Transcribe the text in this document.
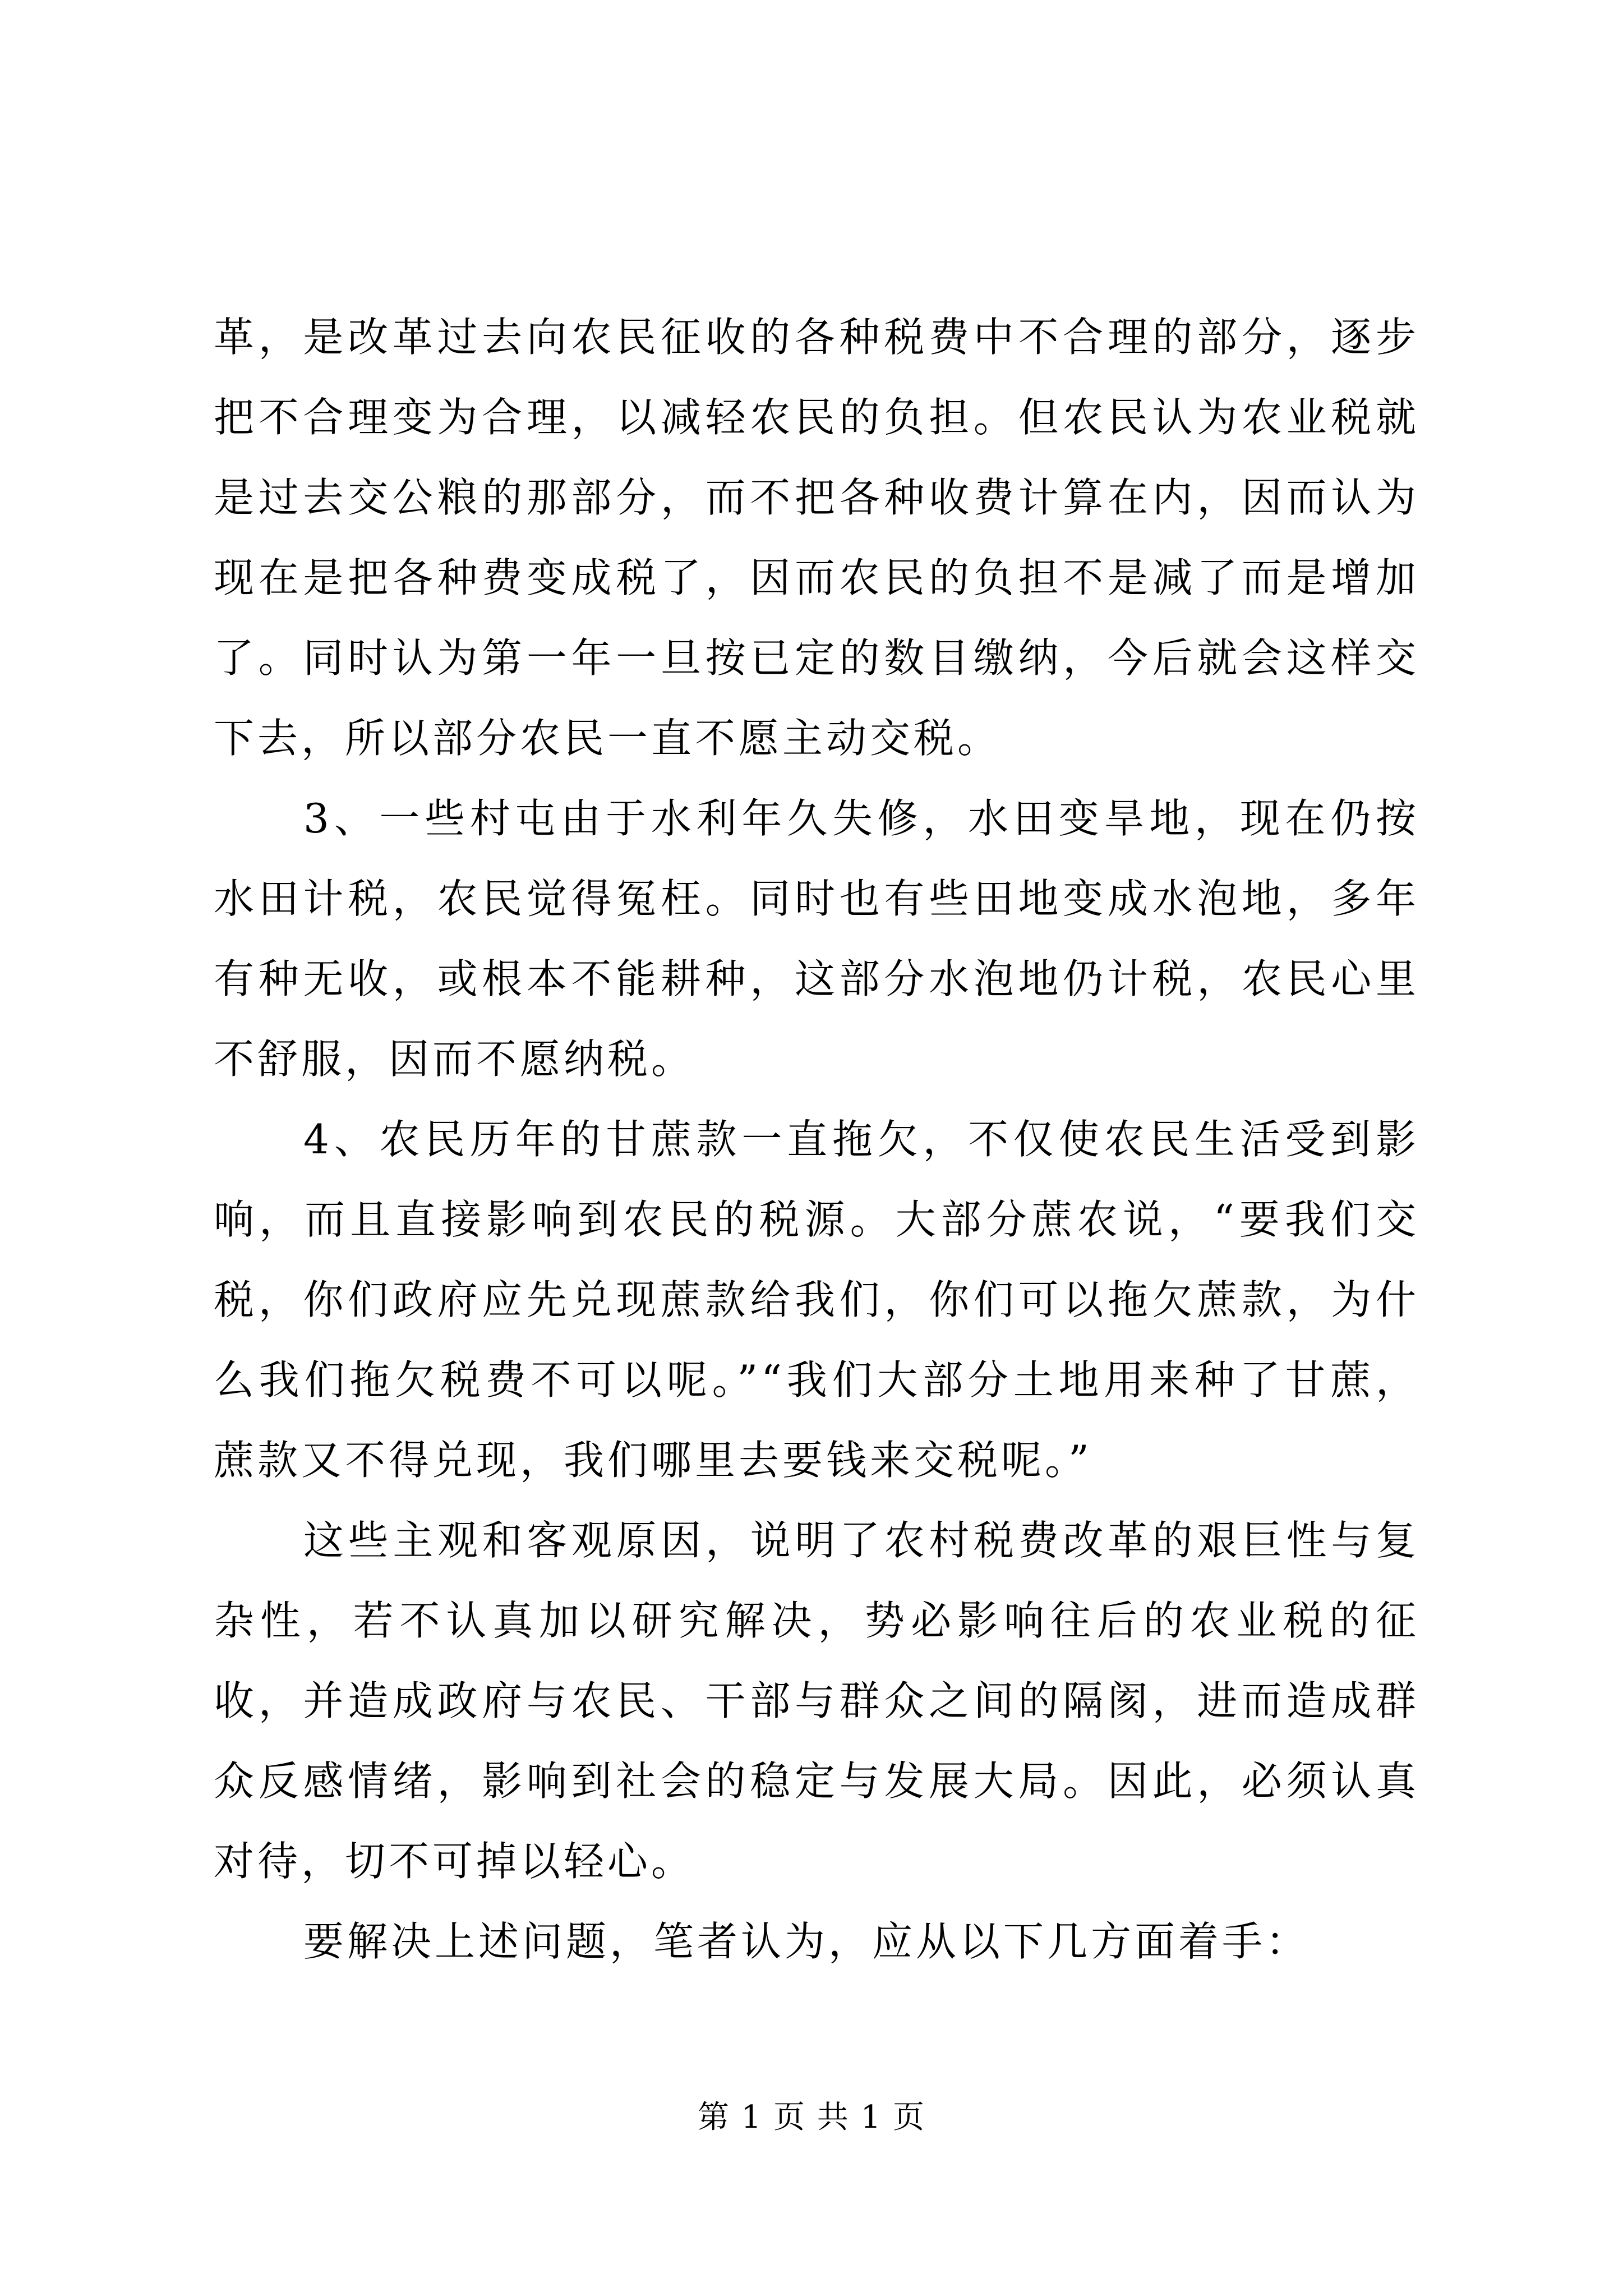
革，是改革过去向农民征收的各种税费中不合理的部分，逐步把不合理变为合理，以减轻农民的负担。但农民认为农业税就是过去交公粮的那部分，而不把各种收费计算在内，因而认为现在是把各种费变成税了，因而农民的负担不是减了而是增加了。同时认为第一年一旦按已定的数目缴纳，今后就会这样交下去，所以部分农民一直不愿主动交税。

3、一些村屯由于水利年久失修，水田变旱地，现在仍按水田计税，农民觉得冤枉。同时也有些田地变成水泡地，多年有种无收，或根本不能耕种，这部分水泡地仍计税，农民心里不舒服，因而不愿纳税。

4、农民历年的甘蔗款一直拖欠，不仅使农民生活受到影响，而且直接影响到农民的税源。大部分蔗农说，“要我们交税，你们政府应先兑现蔗款给我们，你们可以拖欠蔗款，为什么我们拖欠税费不可以呢。”“我们大部分土地用来种了甘蔗，蔗款又不得兑现，我们哪里去要钱来交税呢。”

这些主观和客观原因，说明了农村税费改革的艰巨性与复杂性，若不认真加以研究解决，势必影响往后的农业税的征收，并造成政府与农民、干部与群众之间的隔阂，进而造成群众反感情绪，影响到社会的稳定与发展大局。因此，必须认真对待，切不可掉以轻心。

要解决上述问题，笔者认为，应从以下几方面着手：

第 1 页 共 1 页
